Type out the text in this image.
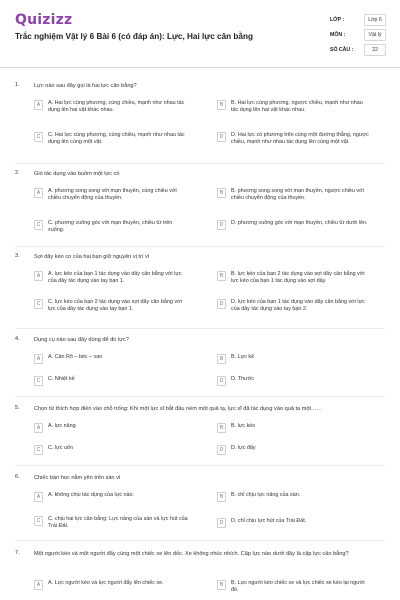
Quizizz
Trắc nghiệm Vật lý 6 Bài 6 (có đáp án): Lực, Hai lực cân bằng
LỚP :	Lớp 6
MÔN :	Vật lý
SỐ CÂU :	22
1.	Lực nào sau đây gọi là hai lực cân bằng?
A	A. Hai lực cùng phương, cùng chiều, mạnh như nhau tác dụng lên hai vật khác nhau.
B	B. Hai lực cùng phương, ngược chiều, mạnh như nhau tác dụng lên hai vật khác nhau.
C	C. Hai lực cùng phương, cùng chiều, mạnh như nhau tác dụng lên cùng một vật.
D	D. Hai lực có phương trên cùng một đường thẳng, ngược chiều, mạnh như nhau tác dụng lên cùng một vật.
2.	Gió tác dụng vào buồm một lực có
A	A. phương song song với mạn thuyền, cùng chiều với chiều chuyển động của thuyền.
B	B. phương song song với mạn thuyền, ngược chiều với chiều chuyển động của thuyền.
C	C. phương vuông góc với mạn thuyền, chiều từ trên xuống.
D	D. phương vuông góc với mạn thuyền, chiều từ dưới lên.
3.	Sợi dây kéo co của hai bạn giữ nguyên vị trí vì
A	A. lực kéo của bạn 1 tác dụng vào dây cân bằng với lực của dây tác dụng vào tay bạn 1.
B	B. lực kéo của bạn 2 tác dụng vào sợi dây cân bằng với lực kéo của bạn 1 tác dụng vào sợi dây.
C	C. lực kéo của bạn 2 tác dụng vào sợi dây cân bằng với lực của dây tác dụng vào tay bạn 1.
D	D. lực kéo của bạn 1 tác dụng vào dây cân bằng với lực của dây tác dụng vào tay bạn 2.
4.	Dụng cụ nào sau đây dùng để đo lực?
A	A. Cân Rô – béc – van	B	B. Lực kế
C	C. Nhiệt kế	D	D. Thước
5.	Chọn từ thích hợp điền vào chỗ trống: Khi một lực sĩ bắt đầu ném một quả tạ, lực sĩ đã tác dụng vào quả tạ một……
A	A. lực nâng	B	B. lực kéo
C	C. lực uốn	D	D. lực đẩy
6.	Chiếc bàn học nằm yên trên sàn vì
A	A. không chịu tác dụng của lực nào.	B	B. chỉ chịu lực nâng của sàn.
C	C. chịu hai lực cân bằng: Lực nâng của sàn và lực hút của Trái Đất.
D	D. chỉ chịu lực hút của Trái Đất.
7.	Một người kéo và một người đẩy cùng một chiếc xe lên dốc. Xe không nhúc nhích. Cặp lực nào dưới đây là cặp lực cân bằng?
A	A. Lực người kéo và lực người đẩy lên chiếc xe.	B	B. Lực người kéo chiếc xe và lực chiếc xe kéo lại người đó.
